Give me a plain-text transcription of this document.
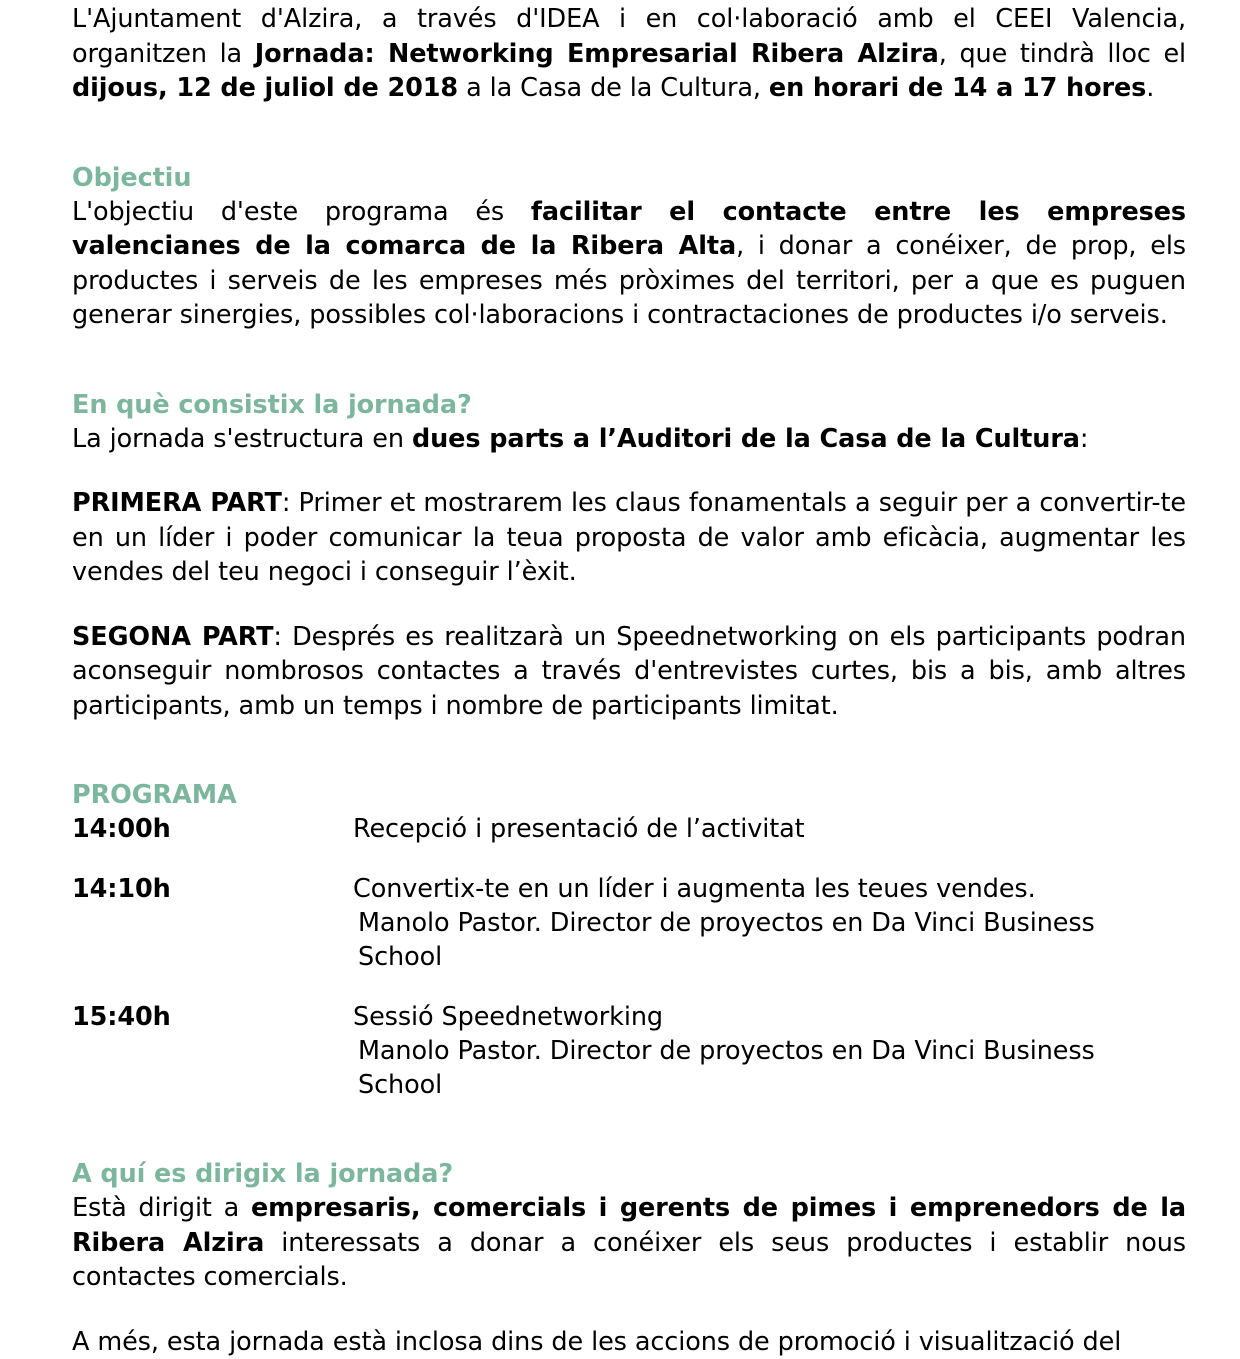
L'Ajuntament d'Alzira, a través d'IDEA i en col·laboració amb el CEEI Valencia, organitzen la Jornada: Networking Empresarial Ribera Alzira, que tindrà lloc el dijous, 12 de juliol de 2018 a la Casa de la Cultura, en horari de 14 a 17 hores.

Objectiu

L'objectiu d'este programa és facilitar el contacte entre les empreses valencianes de la comarca de la Ribera Alta, i donar a conéixer, de prop, els productes i serveis de les empreses més pròximes del territori, per a que es puguen generar sinergies, possibles col·laboracions i contractaciones de productes i/o serveis.

En què consistix la jornada?

La jornada s'estructura en dues parts a l’Auditori de la Casa de la Cultura:

PRIMERA PART: Primer et mostrarem les claus fonamentals a seguir per a convertir-te en un líder i poder comunicar la teua proposta de valor amb eficàcia, augmentar les vendes del teu negoci i conseguir l’èxit.

SEGONA PART: Després es realitzarà un Speednetworking on els participants podran aconseguir nombrosos contactes a través d'entrevistes curtes, bis a bis, amb altres participants, amb un temps i nombre de participants limitat.

PROGRAMA
14:00h	Recepció i presentació de l’activitat

14:10h	Convertix-te en un líder i augmenta les teues vendes.
Manolo Pastor. Director de proyectos en Da Vinci Business School

15:40h	Sessió Speednetworking
Manolo Pastor. Director de proyectos en Da Vinci Business School
A quí es dirigix la jornada?

Està dirigit a empresaris, comercials i gerents de pimes i emprenedors de la Ribera Alzira interessats a donar a conéixer els seus productes i establir nous contactes comercials.

A més, esta jornada està inclosa dins de les accions de promoció i visualització del
